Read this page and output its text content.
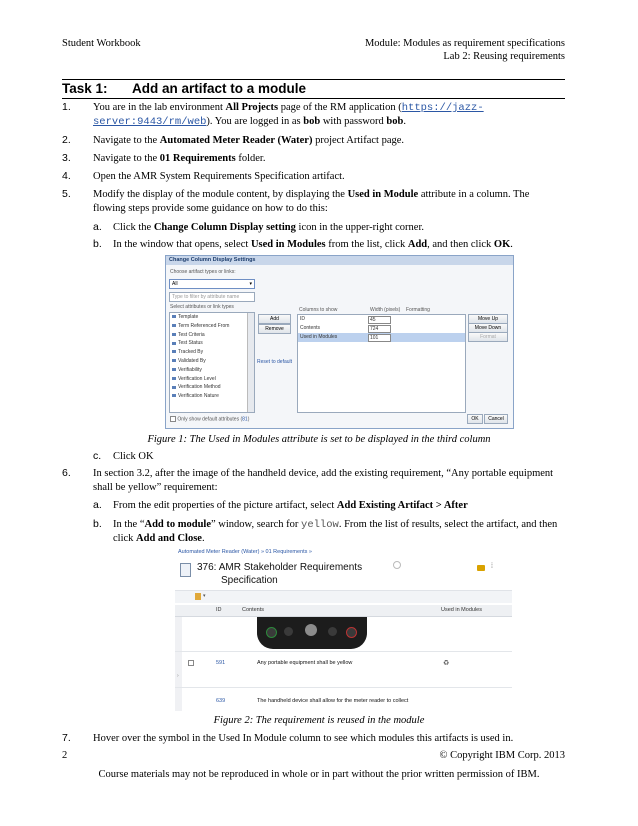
Student Workbook	Module: Modules as requirement specifications
Lab 2: Reusing requirements
Task 1: Add an artifact to a module
1. You are in the lab environment All Projects page of the RM application (https://jazz-
server:9443/rm/web). You are logged in as bob with password bob.
2. Navigate to the Automated Meter Reader (Water) project Artifact page.
3. Navigate to the 01 Requirements folder.
4. Open the AMR System Requirements Specification artifact.
5. Modify the display of the module content, by displaying the Used in Module attribute in a column. The
flowing steps provide some guidance on how to do this:
a. Click the Change Column Display setting icon in the upper-right corner.
b. In the window that opens, select Used in Modules from the list, click Add, and then click OK.
Change Column Display Settings
Choose artifact types or links:
All	▾
Type to filter by attribute name
Select attributes or link types
Template
Term Referenced From
Test Criteria
Test Status
Tracked By
Validated By
Verifiability
Verification Level
Verification Method
Verification Nature
Add
Remove
Reset to default
Columns to show	Width (pixels) Formatting
ID	45
Contents	724
Used in Modules	101
Move Up
Move Down
Format
Only show default attributes (81)	OK	Cancel
Figure 1: The Used in Modules attribute is set to be displayed in the third column
c. Click OK
6. In section 3.2, after the image of the handheld device, add the existing requirement, “Any portable equipment
shall be yellow” requirement:
a. From the edit properties of the picture artifact, select Add Existing Artifact > After
b. In the “Add to module” window, search for yellow. From the list of results, select the artifact, and then
click Add and Close.
Automated Meter Reader (Water) » 01 Requirements »
376: AMR Stakeholder Requirements
Specification
⁞
▾
ID	Contents	Used in Modules
591	Any portable equipment shall be yellow	♻
›
639	The handheld device shall allow for the meter reader to collect
Figure 2: The requirement is reused in the module
7. Hover over the symbol in the Used In Module column to see which modules this artifacts is used in.
2	© Copyright IBM Corp. 2013
Course materials may not be reproduced in whole or in part without the prior written permission of IBM.
